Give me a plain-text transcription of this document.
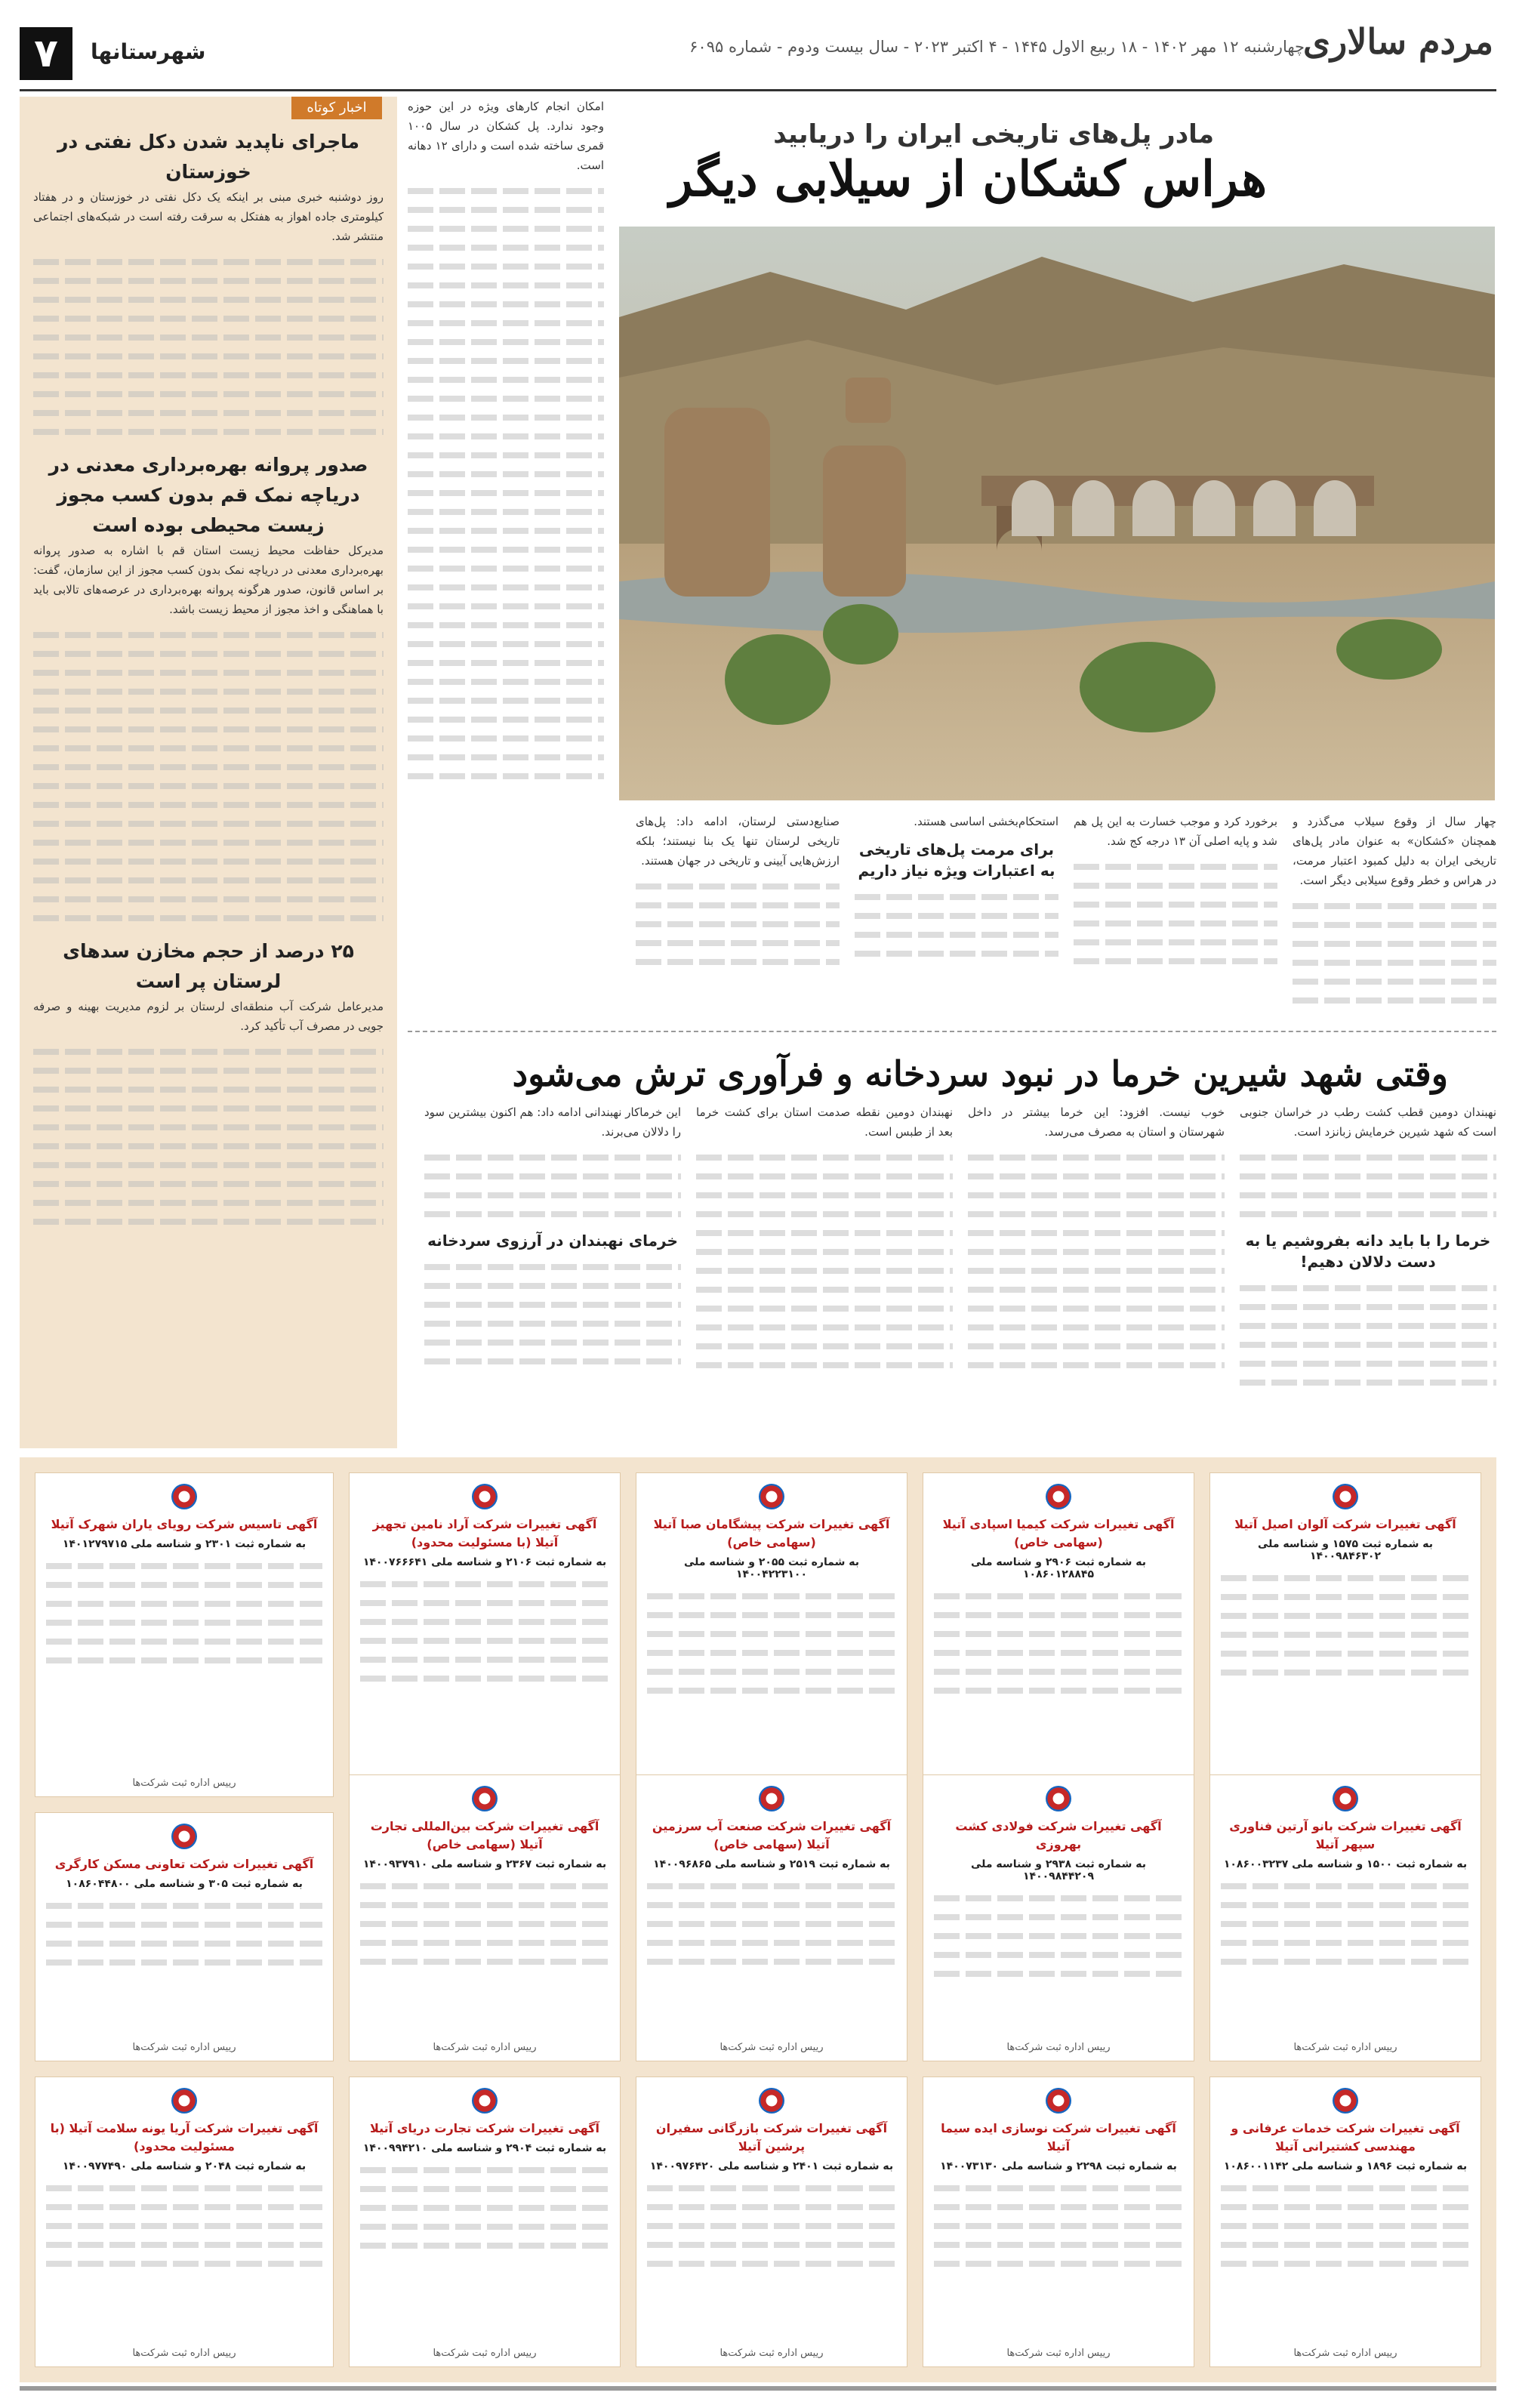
مردم سالاری
چهارشنبه ۱۲ مهر ۱۴۰۲ - ۱۸ ربیع الاول ۱۴۴۵ - ۴ اکتبر ۲۰۲۳ - سال بیست ودوم - شماره ۶۰۹۵
شهرستانها
۷
اخبار کوتاه

ماجرای ناپدید شدن دکل نفتی در خوزستان

روز دوشنبه خبری مبنی بر اینکه یک دکل نفتی در خوزستان و در هفتاد کیلومتری جاده اهواز به هفتکل به سرقت رفته است در شبکه‌های اجتماعی منتشر شد.

صدور پروانه بهره‌برداری معدنی در دریاچه نمک قم بدون کسب مجوز زیست محیطی بوده است

مدیرکل حفاظت محیط زیست استان قم با اشاره به صدور پروانه بهره‌برداری معدنی در دریاچه نمک بدون کسب مجوز از این سازمان، گفت: بر اساس قانون، صدور هرگونه پروانه بهره‌برداری در عرصه‌های تالابی باید با هماهنگی و اخذ مجوز از محیط زیست باشد.

۲۵ درصد از حجم مخازن سدهای لرستان پر است

مدیرعامل شرکت آب منطقه‌ای لرستان بر لزوم مدیریت بهینه و صرفه جویی در مصرف آب تأکید کرد.

امکان انجام کارهای ویژه در این حوزه وجود ندارد. پل کشکان در سال ۱۰۰۵ قمری ساخته شده است و دارای ۱۲ دهانه است.

مادر پل‌های تاریخی ایران را دریابید
هراس کشکان از سیلابی دیگر

چهار سال از وقوع سیلاب می‌گذرد و همچنان «کشکان» به عنوان مادر پل‌های تاریخی ایران به دلیل کمبود اعتبار مرمت، در هراس و خطر وقوع سیلابی دیگر است.

برخورد کرد و موجب خسارت به این پل هم شد و پایه اصلی آن ۱۳ درجه کج شد.

استحکام‌بخشی اساسی هستند.

برای مرمت پل‌های تاریخی به اعتبارات ویژه نیاز داریم

صنایع‌دستی لرستان، ادامه داد: پل‌های تاریخی لرستان تنها یک بنا نیستند؛ بلکه ارزش‌هایی آیینی و تاریخی در جهان هستند.

وقتی شهد شیرین خرما در نبود سردخانه و فرآوری ترش می‌شود

نهبندان دومین قطب کشت رطب در خراسان جنوبی است که شهد شیرین خرمایش زبانزد است.

خرما را با باید دانه بفروشیم یا به دست دلالان دهیم!

خوب نیست. افزود: این خرما بیشتر در داخل شهرستان و استان به مصرف می‌رسد.

نهبندان دومین نقطه صدمت استان برای کشت خرما بعد از طبس است.

این خرماکار نهبندانی ادامه داد: هم اکنون بیشترین سود را دلالان می‌برند.

خرمای نهبندان در آرزوی سردخانه

آگهی تغییرات شرکت آلوان اصیل آتیلا

به شماره ثبت ۱۵۷۵ و شناسه ملی ۱۴۰۰۹۸۴۶۳۰۲

آگهی تغییرات شرکت کیمیا اسپادی آتیلا (سهامی خاص)

به شماره ثبت ۲۹۰۶ و شناسه ملی ۱۰۸۶۰۱۲۸۸۴۵

آگهی تغییرات شرکت پیشگامان صبا آتیلا (سهامی خاص)

به شماره ثبت ۲۰۵۵ و شناسه ملی ۱۴۰۰۴۲۲۳۱۰۰

آگهی تغییرات شرکت آراد نامین تجهیز آتیلا (با مسئولیت محدود)

به شماره ثبت ۲۱۰۶ و شناسه ملی ۱۴۰۰۷۶۶۶۴۱

آگهی تاسیس شرکت رویای یاران شهرک آتیلا

به شماره ثبت ۲۳۰۱ و شناسه ملی ۱۴۰۱۲۷۹۷۱۵

رییس اداره ثبت شرکت‌ها

آگهی تغییرات شرکت بانو آرتین فناوری سپهر آتیلا

به شماره ثبت ۱۵۰۰ و شناسه ملی ۱۰۸۶۰۰۳۲۳۷

رییس اداره ثبت شرکت‌ها

آگهی تغییرات شرکت فولادی کشت بهروزی

به شماره ثبت ۲۹۳۸ و شناسه ملی ۱۴۰۰۹۸۴۴۲۰۹

رییس اداره ثبت شرکت‌ها

آگهی تغییرات شرکت صنعت آب سرزمین آتیلا (سهامی خاص)

به شماره ثبت ۲۵۱۹ و شناسه ملی ۱۴۰۰۹۶۸۶۵

رییس اداره ثبت شرکت‌ها

آگهی تغییرات شرکت بین‌المللی تجارت آتیلا (سهامی خاص)

به شماره ثبت ۲۳۶۷ و شناسه ملی ۱۴۰۰۹۳۷۹۱۰

رییس اداره ثبت شرکت‌ها

آگهی تغییرات شرکت خدمات عرفانی و مهندسی کشتیرانی آتیلا

به شماره ثبت ۱۸۹۶ و شناسه ملی ۱۰۸۶۰۰۱۱۴۲

رییس اداره ثبت شرکت‌ها

آگهی تغییرات شرکت نوسازی ایده سیما آتیلا

به شماره ثبت ۲۲۹۸ و شناسه ملی ۱۴۰۰۷۳۱۳۰

رییس اداره ثبت شرکت‌ها

آگهی تغییرات شرکت بازرگانی سفیران پرشین آتیلا

به شماره ثبت ۲۴۰۱ و شناسه ملی ۱۴۰۰۹۷۶۴۲۰

رییس اداره ثبت شرکت‌ها

آگهی تغییرات شرکت تجارت دریای آتیلا

به شماره ثبت ۲۹۰۴ و شناسه ملی ۱۴۰۰۹۹۴۲۱۰

رییس اداره ثبت شرکت‌ها

آگهی تغییرات شرکت تعاونی مسکن کارگری

به شماره ثبت ۳۰۵ و شناسه ملی ۱۰۸۶۰۴۴۸۰۰

رییس اداره ثبت شرکت‌ها

آگهی تغییرات شرکت آریا یونه سلامت آتیلا (با مسئولیت محدود)

به شماره ثبت ۲۰۴۸ و شناسه ملی ۱۴۰۰۹۷۷۴۹۰

رییس اداره ثبت شرکت‌ها
